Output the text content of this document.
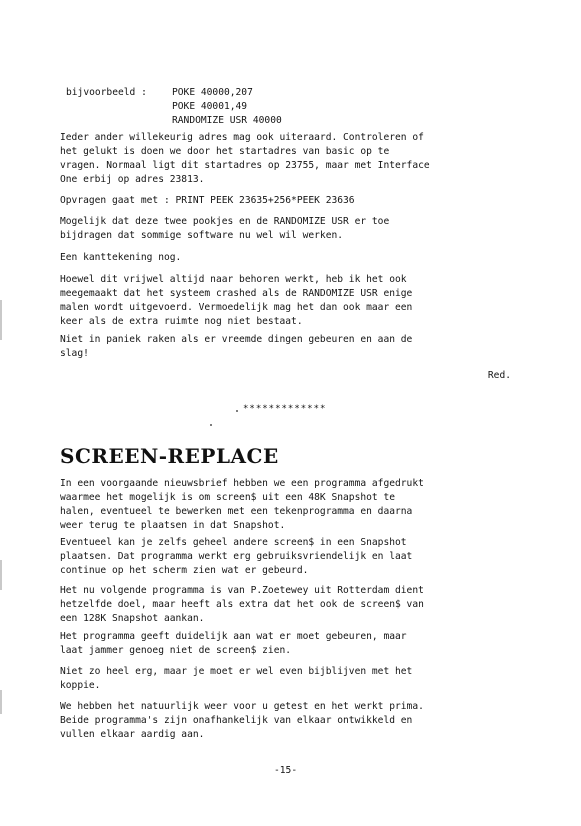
bijvoorbeeld :	POKE 40000,207
POKE 40001,49
RANDOMIZE USR 40000

Ieder ander willekeurig adres mag ook uiteraard. Controleren of
het gelukt is doen we door het startadres van basic op te
vragen. Normaal ligt dit startadres op 23755, maar met Interface
One erbij op adres 23813.

Opvragen gaat met : PRINT PEEK 23635+256*PEEK 23636

Mogelijk dat deze twee pookjes en de RANDOMIZE USR er toe
bijdragen dat sommige software nu wel wil werken.

Een kanttekening nog.

Hoewel dit vrijwel altijd naar behoren werkt, heb ik het ook
meegemaakt dat het systeem crashed als de RANDOMIZE USR enige
malen wordt uitgevoerd. Vermoedelijk mag het dan ook maar een
keer als de extra ruimte nog niet bestaat.

Niet in paniek raken als er vreemde dingen gebeuren en aan de
slag!

Red.
*************
SCREEN-REPLACE

In een voorgaande nieuwsbrief hebben we een programma afgedrukt
waarmee het mogelijk is om screen$ uit een 48K Snapshot te
halen, eventueel te bewerken met een tekenprogramma en daarna
weer terug te plaatsen in dat Snapshot.

Eventueel kan je zelfs geheel andere screen$ in een Snapshot
plaatsen. Dat programma werkt erg gebruiksvriendelijk en laat
continue op het scherm zien wat er gebeurd.

Het nu volgende programma is van P.Zoetewey uit Rotterdam dient
hetzelfde doel, maar heeft als extra dat het ook de screen$ van
een 128K Snapshot aankan.

Het programma geeft duidelijk aan wat er moet gebeuren, maar
laat jammer genoeg niet de screen$ zien.

Niet zo heel erg, maar je moet er wel even bijblijven met het
koppie.

We hebben het natuurlijk weer voor u getest en het werkt prima.
Beide programma's zijn onafhankelijk van elkaar ontwikkeld en
vullen elkaar aardig aan.

-15-
